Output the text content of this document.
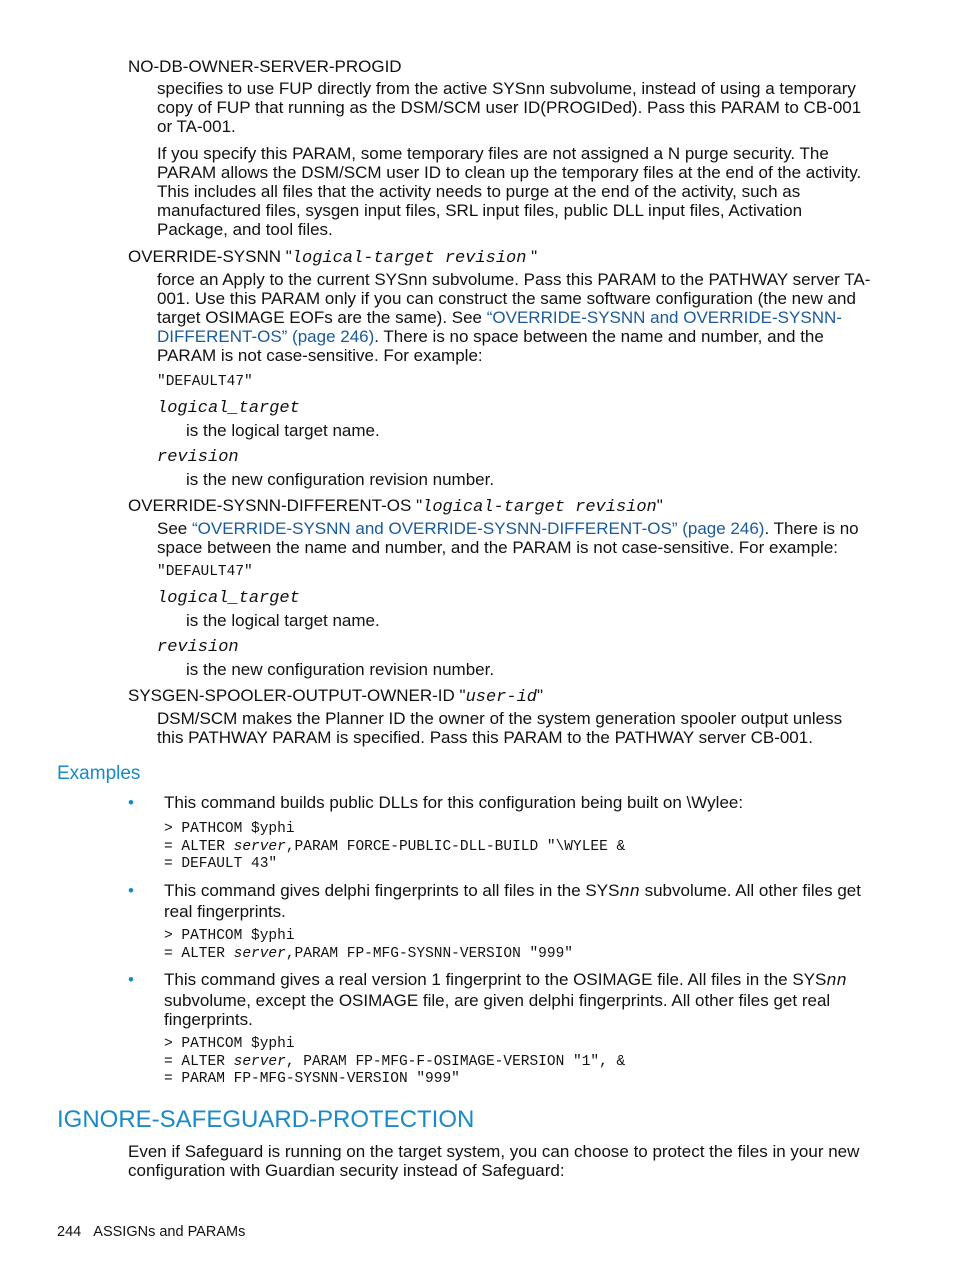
NO-DB-OWNER-SERVER-PROGID
specifies to use FUP directly from the active SYSnn subvolume, instead of using a temporary copy of FUP that running as the DSM/SCM user ID(PROGIDed). Pass this PARAM to CB-001 or TA-001.
If you specify this PARAM, some temporary files are not assigned a N purge security. The PARAM allows the DSM/SCM user ID to clean up the temporary files at the end of the activity. This includes all files that the activity needs to purge at the end of the activity, such as manufactured files, sysgen input files, SRL input files, public DLL input files, Activation Package, and tool files.
OVERRIDE-SYSNN "logical-target revision "
force an Apply to the current SYSnn subvolume. Pass this PARAM to the PATHWAY server TA-001. Use this PARAM only if you can construct the same software configuration (the new and target OSIMAGE EOFs are the same). See “OVERRIDE-SYSNN and OVERRIDE-SYSNN-DIFFERENT-OS” (page 246). There is no space between the name and number, and the PARAM is not case-sensitive. For example:
"DEFAULT47"
logical_target
is the logical target name.
revision
is the new configuration revision number.
OVERRIDE-SYSNN-DIFFERENT-OS "logical-target revision"
See “OVERRIDE-SYSNN and OVERRIDE-SYSNN-DIFFERENT-OS” (page 246). There is no space between the name and number, and the PARAM is not case-sensitive. For example:
"DEFAULT47"
logical_target
is the logical target name.
revision
is the new configuration revision number.
SYSGEN-SPOOLER-OUTPUT-OWNER-ID "user-id"
DSM/SCM makes the Planner ID the owner of the system generation spooler output unless this PATHWAY PARAM is specified. Pass this PARAM to the PATHWAY server CB-001.
Examples
• This command builds public DLLs for this configuration being built on \Wylee:
> PATHCOM $yphi
= ALTER server,PARAM FORCE-PUBLIC-DLL-BUILD "\WYLEE &
= DEFAULT 43"
• This command gives delphi fingerprints to all files in the SYSnn subvolume. All other files get real fingerprints.
> PATHCOM $yphi
= ALTER server,PARAM FP-MFG-SYSNN-VERSION "999"
• This command gives a real version 1 fingerprint to the OSIMAGE file. All files in the SYSnn subvolume, except the OSIMAGE file, are given delphi fingerprints. All other files get real fingerprints.
> PATHCOM $yphi
= ALTER server, PARAM FP-MFG-F-OSIMAGE-VERSION "1", &
= PARAM FP-MFG-SYSNN-VERSION "999"
IGNORE-SAFEGUARD-PROTECTION
Even if Safeguard is running on the target system, you can choose to protect the files in your new configuration with Guardian security instead of Safeguard:
244 ASSIGNs and PARAMs
